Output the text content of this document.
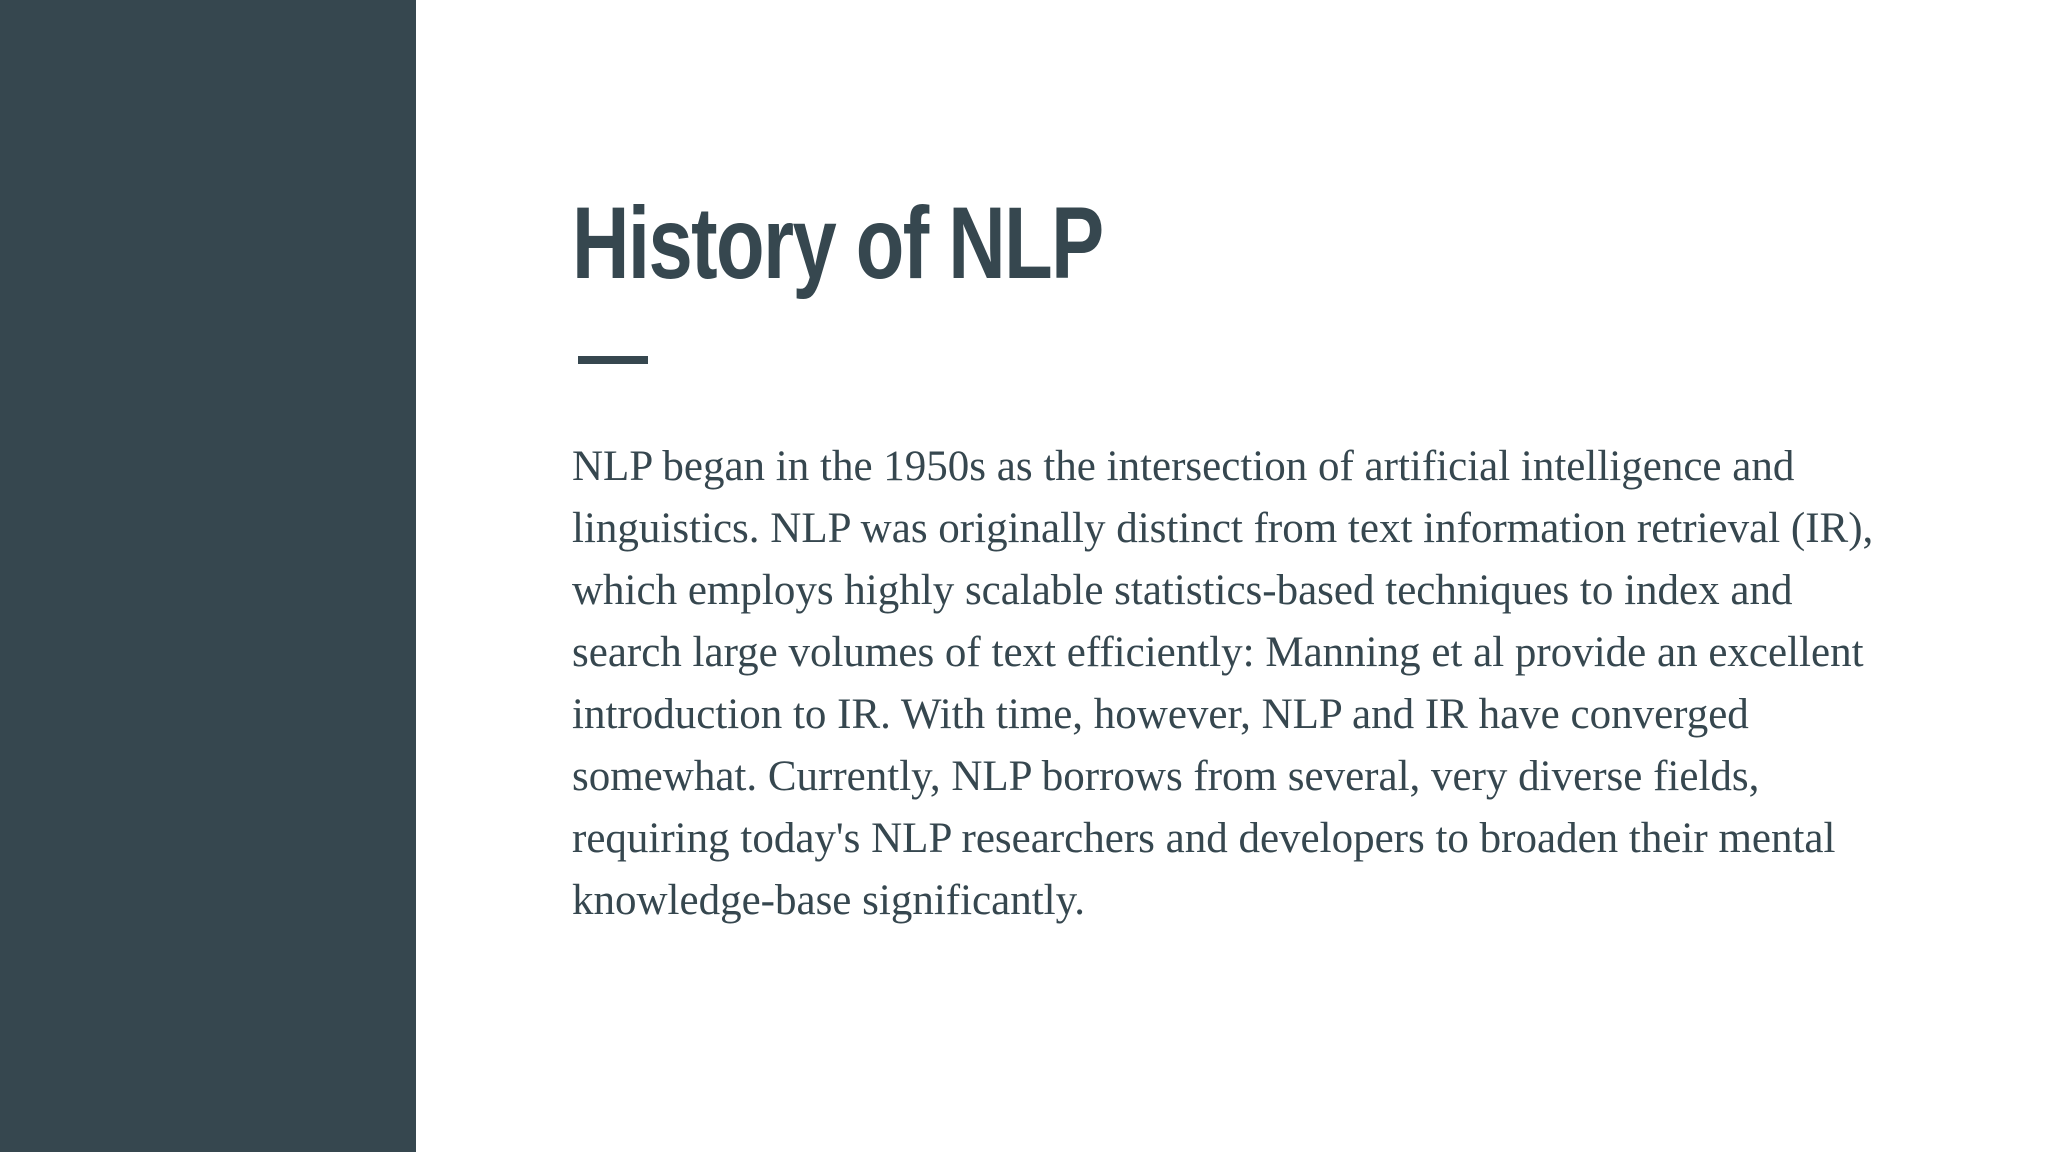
History of NLP

NLP began in the 1950s as the intersection of artificial intelligence and linguistics. NLP was originally distinct from text information retrieval (IR), which employs highly scalable statistics-based techniques to index and search large volumes of text efficiently: Manning et al provide an excellent introduction to IR. With time, however, NLP and IR have converged somewhat. Currently, NLP borrows from several, very diverse fields, requiring today's NLP researchers and developers to broaden their mental knowledge-base significantly.
